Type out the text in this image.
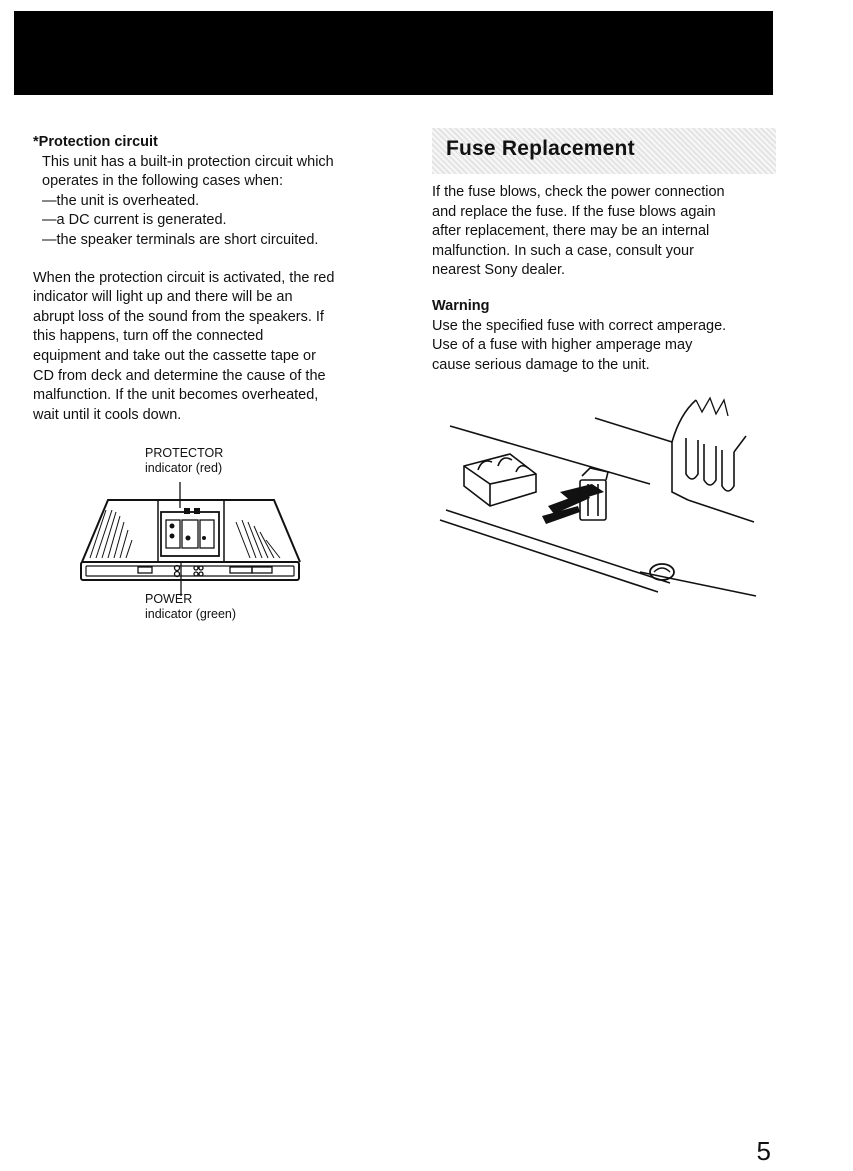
*Protection circuit
This unit has a built-in protection circuit which
operates in the following cases when:
—the unit is overheated.
—a DC current is generated.
—the speaker terminals are short circuited.
When the protection circuit is activated, the red
indicator will light up and there will be an
abrupt loss of the sound from the speakers. If
this happens, turn off the connected
equipment and take out the cassette tape or
CD from deck and determine the cause of the
malfunction. If the unit becomes overheated,
wait until it cools down.
PROTECTOR
indicator (red)
POWER
indicator (green)
Fuse Replacement
If the fuse blows, check the power connection
and replace the fuse. If the fuse blows again
after replacement, there may be an internal
malfunction. In such a case, consult your
nearest Sony dealer.
Warning
Use the specified fuse with correct amperage.
Use of a fuse with higher amperage may
cause serious damage to the unit.
5
